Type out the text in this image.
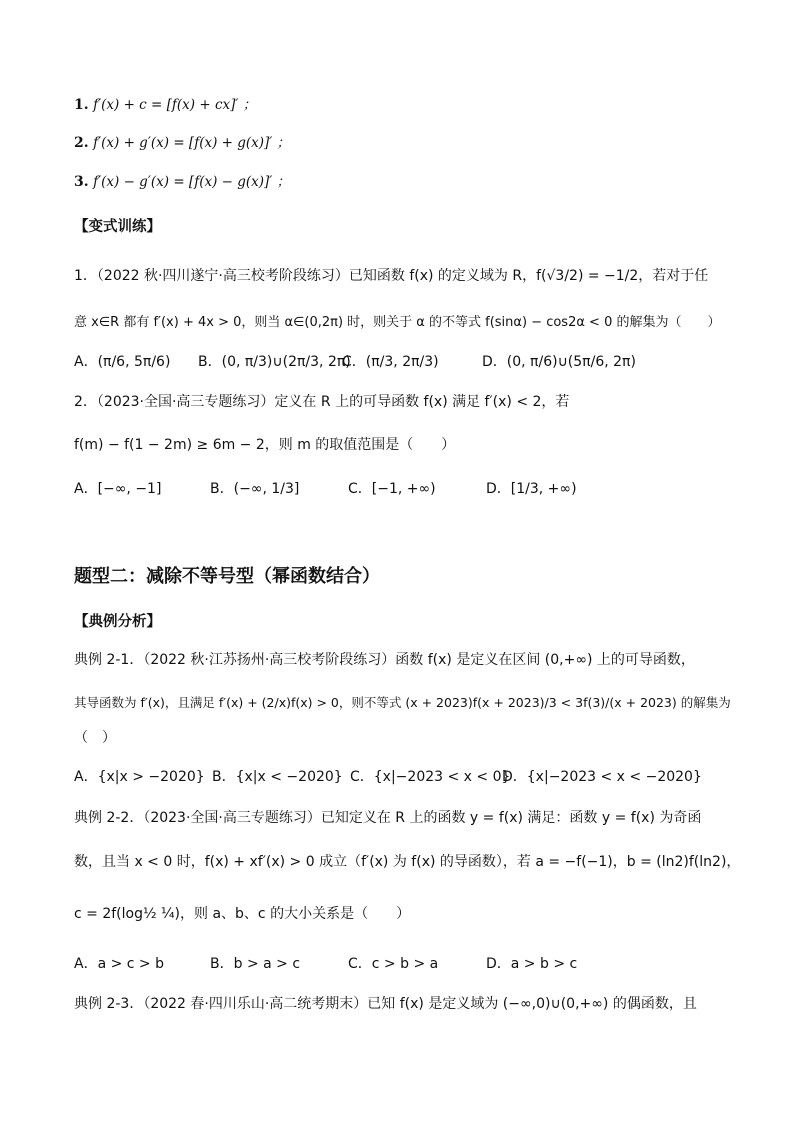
1. f′(x) + c = [f(x) + cx]′ ；
2. f′(x) + g′(x) = [f(x) + g(x)]′ ；
3. f′(x) − g′(x) = [f(x) − g(x)]′ ；
【变式训练】
1．（2022 秋·四川遂宁·高三校考阶段练习）已知函数 f(x) 的定义域为 R，f(√3/2) = −1/2，若对于任
意 x∈R 都有 f′(x) + 4x > 0，则当 α∈(0,2π) 时，则关于 α 的不等式 f(sinα) − cos2α < 0 的解集为（　　）
A．(π/6, 5π/6) B．(0, π/3)∪(2π/3, 2π)
C．(π/3, 2π/3)	D．(0, π/6)∪(5π/6, 2π)
2．（2023·全国·高三专题练习）定义在 R 上的可导函数 f(x) 满足 f′(x) < 2，若
f(m) − f(1 − 2m) ≥ 6m − 2，则 m 的取值范围是（　　）
A．[−∞, −1]	B．(−∞, 1/3]	C．[−1, +∞)	D．[1/3, +∞)
题型二：减除不等号型（幂函数结合）
【典例分析】
典例 2-1．（2022 秋·江苏扬州·高三校考阶段练习）函数 f(x) 是定义在区间 (0,+∞) 上的可导函数，
其导函数为 f′(x)，且满足 f′(x) + (2/x)f(x) > 0，则不等式 (x + 2023)f(x + 2023)/3 < 3f(3)/(x + 2023) 的解集为
（　）
A．{x|x > −2020} B．{x|x < −2020} C．{x|−2023 < x < 0}
D．{x|−2023 < x < −2020}
典例 2-2．（2023·全国·高三专题练习）已知定义在 R 上的函数 y = f(x) 满足：函数 y = f(x) 为奇函
数，且当 x < 0 时，f(x) + xf′(x) > 0 成立（f′(x) 为 f(x) 的导函数），若 a = −f(−1)，b = (ln2)f(ln2)，
c = 2f(log½ ¼)，则 a、b、c 的大小关系是（　　）
A．a > c > b	B．b > a > c	C．c > b > a	D．a > b > c
典例 2-3．（2022 春·四川乐山·高二统考期末）已知 f(x) 是定义域为 (−∞,0)∪(0,+∞) 的偶函数，且
